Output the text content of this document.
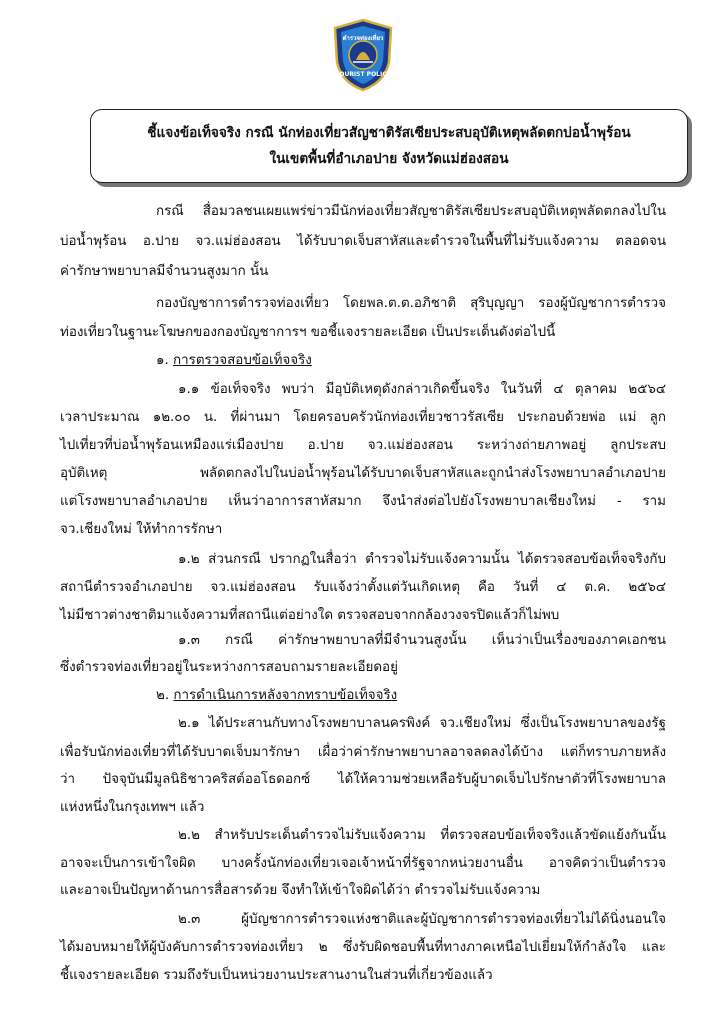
ตำรวจท่องเที่ยว
TOURIST POLICE
ชี้แจงข้อเท็จจริง กรณี นักท่องเที่ยวสัญชาติรัสเซียประสบอุบัติเหตุพลัดตกบ่อน้ำพุร้อน
ในเขตพื้นที่อำเภอปาย จังหวัดแม่ฮ่องสอน
กรณี สื่อมวลชนเผยแพร่ข่าวมีนักท่องเที่ยวสัญชาติรัสเซียประสบอุบัติเหตุพลัดตกลงไปใน
บ่อน้ำพุร้อน อ.ปาย จว.แม่ฮ่องสอน ได้รับบาดเจ็บสาหัสและตำรวจในพื้นที่ไม่รับแจ้งความ ตลอดจน
ค่ารักษาพยาบาลมีจำนวนสูงมาก นั้น
กองบัญชาการตำรวจท่องเที่ยว โดยพล.ต.ต.อภิชาติ สุริบุญญา รองผู้บัญชาการตำรวจ
ท่องเที่ยวในฐานะโฆษกของกองบัญชาการฯ ขอชี้แจงรายละเอียด เป็นประเด็นดังต่อไปนี้
๑. การตรวจสอบข้อเท็จจริง
๑.๑ ข้อเท็จจริง พบว่า มีอุบัติเหตุดังกล่าวเกิดขึ้นจริง ในวันที่ ๔ ตุลาคม ๒๕๖๔
เวลาประมาณ ๑๒.๐๐ น. ที่ผ่านมา โดยครอบครัวนักท่องเที่ยวชาวรัสเซีย ประกอบด้วยพ่อ แม่ ลูก
ไปเที่ยวที่บ่อน้ำพุร้อนเหมืองแร่เมืองปาย อ.ปาย จว.แม่ฮ่องสอน ระหว่างถ่ายภาพอยู่ ลูกประสบ
อุบัติเหตุ พลัดตกลงไปในบ่อน้ำพุร้อนได้รับบาดเจ็บสาหัสและถูกนำส่งโรงพยาบาลอำเภอปาย
แต่โรงพยาบาลอำเภอปาย เห็นว่าอาการสาหัสมาก จึงนำส่งต่อไปยังโรงพยาบาลเชียงใหม่ - ราม
จว.เชียงใหม่ ให้ทำการรักษา
๑.๒ ส่วนกรณี ปรากฏในสื่อว่า ตำรวจไม่รับแจ้งความนั้น ได้ตรวจสอบข้อเท็จจริงกับ
สถานีตำรวจอำเภอปาย จว.แม่ฮ่องสอน รับแจ้งว่าตั้งแต่วันเกิดเหตุ คือ วันที่ ๔ ต.ค. ๒๕๖๔
ไม่มีชาวต่างชาติมาแจ้งความที่สถานีแต่อย่างใด ตรวจสอบจากกล้องวงจรปิดแล้วก็ไม่พบ
๑.๓ กรณี ค่ารักษาพยาบาลที่มีจำนวนสูงนั้น เห็นว่าเป็นเรื่องของภาคเอกชน
ซึ่งตำรวจท่องเที่ยวอยู่ในระหว่างการสอบถามรายละเอียดอยู่
๒. การดำเนินการหลังจากทราบข้อเท็จจริง
๒.๑ ได้ประสานกับทางโรงพยาบาลนครพิงค์ จว.เชียงใหม่ ซึ่งเป็นโรงพยาบาลของรัฐ
เพื่อรับนักท่องเที่ยวที่ได้รับบาดเจ็บมารักษา เผื่อว่าค่ารักษาพยาบาลอาจลดลงได้บ้าง แต่ก็ทราบภายหลัง
ว่า ปัจจุบันมีมูลนิธิชาวคริสต์ออโธดอกซ์ ได้ให้ความช่วยเหลือรับผู้บาดเจ็บไปรักษาตัวที่โรงพยาบาล
แห่งหนึ่งในกรุงเทพฯ แล้ว
๒.๒ สำหรับประเด็นตำรวจไม่รับแจ้งความ ที่ตรวจสอบข้อเท็จจริงแล้วขัดแย้งกันนั้น
อาจจะเป็นการเข้าใจผิด บางครั้งนักท่องเที่ยวเจอเจ้าหน้าที่รัฐจากหน่วยงานอื่น อาจคิดว่าเป็นตำรวจ
และอาจเป็นปัญหาด้านการสื่อสารด้วย จึงทำให้เข้าใจผิดได้ว่า ตำรวจไม่รับแจ้งความ
๒.๓ ผู้บัญชาการตำรวจแห่งชาติและผู้บัญชาการตำรวจท่องเที่ยวไม่ได้นิ่งนอนใจ
ได้มอบหมายให้ผู้บังคับการตำรวจท่องเที่ยว ๒ ซึ่งรับผิดชอบพื้นที่ทางภาคเหนือไปเยี่ยมให้กำลังใจ และ
ชี้แจงรายละเอียด รวมถึงรับเป็นหน่วยงานประสานงานในส่วนที่เกี่ยวข้องแล้ว
